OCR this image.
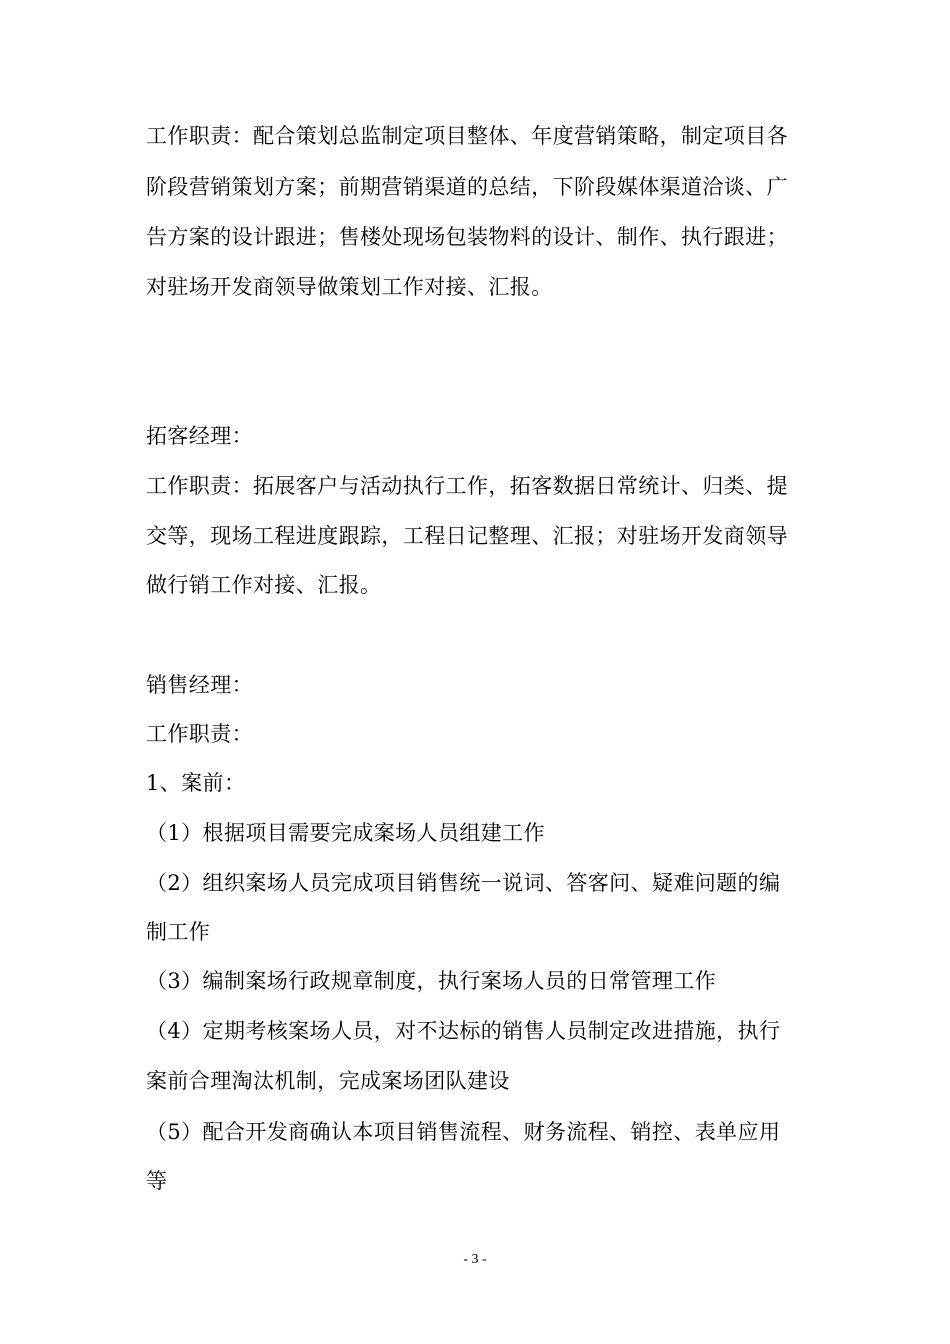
工作职责：配合策划总监制定项目整体、年度营销策略，制定项目各
阶段营销策划方案；前期营销渠道的总结，下阶段媒体渠道洽谈、广
告方案的设计跟进；售楼处现场包装物料的设计、制作、执行跟进；
对驻场开发商领导做策划工作对接、汇报。
拓客经理：
工作职责：拓展客户与活动执行工作，拓客数据日常统计、归类、提
交等，现场工程进度跟踪，工程日记整理、汇报；对驻场开发商领导
做行销工作对接、汇报。
销售经理：
工作职责：
1、案前：
（1）根据项目需要完成案场人员组建工作
（2）组织案场人员完成项目销售统一说词、答客问、疑难问题的编
制工作
（3）编制案场行政规章制度，执行案场人员的日常管理工作
（4）定期考核案场人员，对不达标的销售人员制定改进措施，执行
案前合理淘汰机制，完成案场团队建设
（5）配合开发商确认本项目销售流程、财务流程、销控、表单应用
等
- 3 -
